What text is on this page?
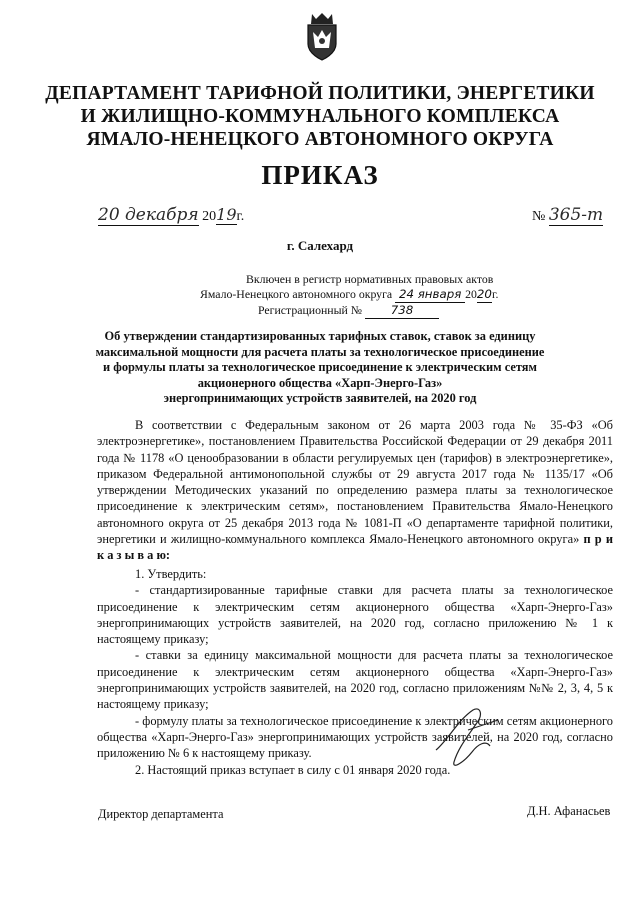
ДЕПАРТАМЕНТ ТАРИФНОЙ ПОЛИТИКИ, ЭНЕРГЕТИКИ
И ЖИЛИЩНО-КОММУНАЛЬНОГО КОМПЛЕКСА
ЯМАЛО-НЕНЕЦКОГО АВТОНОМНОГО ОКРУГА
ПРИКАЗ
20 декабря 2019г.	№ 365-т
г. Салехард
Включен в регистр нормативных правовых актов
Ямало-Ненецкого автономного округа 24 января 2020г.
Регистрационный № 738
Об утверждении стандартизированных тарифных ставок, ставок за единицу
максимальной мощности для расчета платы за технологическое присоединение
и формулы платы за технологическое присоединение к электрическим сетям
акционерного общества «Харп-Энерго-Газ»
энергопринимающих устройств заявителей, на 2020 год

В соответствии с Федеральным законом от 26 марта 2003 года № 35-ФЗ «Об электроэнергетике», постановлением Правительства Российской Федерации от 29 декабря 2011 года № 1178 «О ценообразовании в области регулируемых цен (тарифов) в электроэнергетике», приказом Федеральной антимонопольной службы от 29 августа 2017 года № 1135/17 «Об утверждении Методических указаний по определению размера платы за технологическое присоединение к электрическим сетям», постановлением Правительства Ямало-Ненецкого автономного округа от 25 декабря 2013 года № 1081-П «О департаменте тарифной политики, энергетики и жилищно-коммунального комплекса Ямало-Ненецкого автономного округа» п р и к а з ы в а ю:

1. Утвердить:

- стандартизированные тарифные ставки для расчета платы за технологическое присоединение к электрическим сетям акционерного общества «Харп-Энерго-Газ» энергопринимающих устройств заявителей, на 2020 год, согласно приложению № 1 к настоящему приказу;

- ставки за единицу максимальной мощности для расчета платы за технологическое присоединение к электрическим сетям акционерного общества «Харп-Энерго-Газ» энергопринимающих устройств заявителей, на 2020 год, согласно приложениям №№ 2, 3, 4, 5 к настоящему приказу;

- формулу платы за технологическое присоединение к электрическим сетям акционерного общества «Харп-Энерго-Газ» энергопринимающих устройств заявителей, на 2020 год, согласно приложению № 6 к настоящему приказу.

2. Настоящий приказ вступает в силу с 01 января 2020 года.

Директор департамента	Д.Н. Афанасьев
